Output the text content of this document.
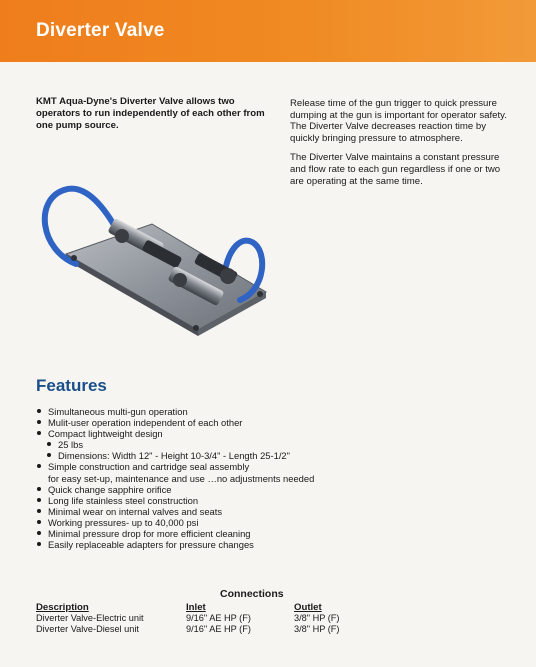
Diverter Valve
KMT Aqua-Dyne's Diverter Valve allows two operators to run independently of each other from one pump source.

Release time of the gun trigger to quick pressure dumping at the gun is important for operator safety. The Diverter Valve decreases reaction time by quickly bringing pressure to atmosphere.

The Diverter Valve maintains a constant pressure and flow rate to each gun regardless if one or two are operating at the same time.

Features
Simultaneous multi-gun operation
Mulit-user operation independent of each other
Compact lightweight design
25 lbs
Dimensions: Width 12" - Height 10-3/4" - Length 25-1/2"
Simple construction and cartridge seal assembly
for easy set-up, maintenance and use …no adjustments needed
Quick change sapphire orifice
Long life stainless steel construction
Minimal wear on internal valves and seats
Working pressures- up to 40,000 psi
Minimal pressure drop for more efficient cleaning
Easily replaceable adapters for pressure changes
Connections
Description	Inlet	Outlet
Diverter Valve-Electric unit	9/16" AE HP (F)	3/8" HP (F)
Diverter Valve-Diesel unit	9/16" AE HP (F)	3/8" HP (F)
